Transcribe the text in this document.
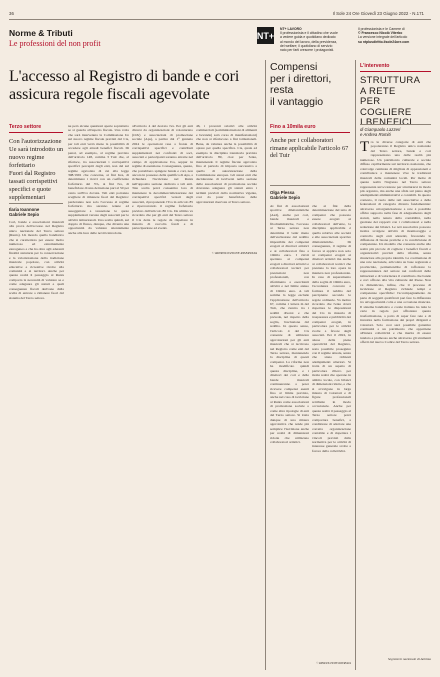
36	Il Sole 24 Ore Giovedì 23 Giugno 2022 - N.171
Norme & Tributi
Le professioni del non profit
NT+
NT+ LAVORO
Il professionista e il cittadino che vuole
a vedere guida e quotidiano dedicato
al mondo del lavoro, della previdenza,
del welfare; il quotidiano di servizio
nato per farti crescere i protagonisti.
Il professionista e le Camere di
© Francesco Nicolò Viterbo
La versione integrale dell'articolo
su ntplusdiritto.ilsole24ore.com
L'accesso al Registro di bande e cori
assicura regole fiscali agevolate
Terzo settore
Con l'autorizzazione Ue sarà introdotto un nuovo regime forfettario
Fuori dal Registro tassati corrispettivi specifici e quote supplementari
Ilaria Ioannone
Gabriele Sepio
Cori, bande e associazioni musicali alla prova dell'accesso nel Registro unico nazionale del Terzo settore (Runts). Un mondo quello bandistico che si caratterizza per essere molto numeroso ed estremamente eterogeneo e che ha oltre agli aderenti finalità statutarie per la conservazione e la valorizzazione della tradizione musicale popolare, con attività educative e ricreative rivolte alla comunità e ai territori. Anche per queste realtà il passaggio al Runts comporta la necessità di valutare se e come adeguare gli statuti e quali conseguenze fiscali derivano dalla scelta di entrare o rimanere fuori dal sistema del Terzo settore.
ne però alcune questioni aperte soprattutto se si guarda all'aspetto fiscale. Una volta che sarà intervenuta la Commissione Ue sul nuovo regime fiscale previsti dal Cts, per tali enti verrà meno la possibilità di accedere agli attuali benefici fiscali. Di penal, ad esempio, al regime previsto dall'articolo 148, comma 3 Tuir che, al riferisce, tra associazioni i corrispettivi specifici percepiti dagli enti, non del sul regime agevolato di cui alla legge 398/1991 che concerne, ai fini Ires, di determinare i ricavi con un coefficiente forfettario del 3%, ai fini Iva, di beneficiare di una detrazione pari al 50 per cento sull'iva dovuta. Tali enti potranno scegliere di rimanere fuori dal Registro: perderanno non solo l'accesso al regime forfettario ma saranno tenute ad assoggettare a tassazione le quote supplementari versate dagli associati per le attività istituzionali. Una scelta quindi, sul doppio di flusso, dunque, che diventa una opportunità da valutare attentamente anche alla luce delle novità introdotte.
all'articolo 4 del decreto Iva. Per gli enti diversi da organizzazioni di volontariato (Odv) e associazioni di promozione sociale (Aps), a partire dal 1° gennaio 2024 le operazioni rese a fronte di corrispettivi specifici e contributi supplementari nei confronti di soci, associati e partecipanti saranno attratte nel campo di applicazione Iva, seppur in regime di esenzione. Conseguenze, queste, che potrebbero spingere bande e cori, non ancora in possesso della qualifica di Aps, a richiedere l'iscrizione nel Runts nell'apposita sezione dedicata a tali enti. Tale scelta potrà consentire loro di mantenere la decommercializzazione dei corrispettivi specifici versati dagli associati, riproponendo l'Iva in articolo 85 e ripercorrendo il regime forfettario previsto dall'articolo 86 Cts. Da ultimo va ricordato che per gli enti del Terzo settore il Cts detta le regole da rispettare in materia di raccolta fondi e di partecipazione ad eventi.
46, i proventi relativi alle attività commerciali (somministrazioni di alimenti e bevande) sarà corso di manifestazioni) che non si riferiscono a fini istituzionali. Bene, da valutare anche la possibilità di optare per quella specifica. Cts, quale ad esempio la disciplina transitoria prevista dall'articolo 89, cioè per l'ente, mantenendo il regime fiscale agevolato fino al periodo di imposta successivo a quello di autorizzazione della Commissione europea. Gli stessi enti che decideranno di iscriversi nella sezione delle associazioni di promozione sociale dovranno adeguare gli statuti entro i termini previsti dalla normativa vigente, così da poter beneficiare delle agevolazioni riservate al Terzo settore.
© RIPRODUZIONE RISERVATA
Compensi
per i direttori,
resta
il vantaggio
Fino a 10mila euro
Anche per i collaboratori rimane applicabile l'articolo 67 del Tuir
Olga Plessa
Gabriele Sepio
Ai fini di associazioni sportive dilettantistiche (Asd), anche per cori, bande musicali e filodrammatiche, l'accesso al Terzo settore non determina il venir meno dell'esclusione dal reddito imponibile dei compensi erogati ai direttori artistici e ai collaboratori fino a 10mila euro. I rinvii spettano ai compensi erogati a direttori artistici e collaboratori tecnici per prestazioni non professionali, con riferimento a esercitanti attività e nel limite annuo di 10mila euro. A tali somme la legge esclude l'applicazione dell'articolo 67, comma 1 lettera m del Tuir, che rientra tra i redditi diversi e che prevede, nel rispetto della soglia, l'esclusione dal reddito. In questo senso, l'articolo 4 del Cts consente di utilizzare agevolazioni per gli enti musicali che si iscrivono nel Registro come enti del Terzo settore, mantenendo la disciplina di questi compensi. La riforma non ha modificato quindi questa disciplina, e i direttori dei cori e delle bande musicali continueranno a poter ricevere compensi esenti fino al limite previsto, anche nel caso di iscrizione al Runts come associazioni di promozione sociale o come altre tipologie di enti del Terzo settore. Si tratta dunque di una misura agevolativa che rende più semplice l'iscrizione anche per realtà di dimensioni ridotte che utilizzano collaboratori artistici.
che ai fini della determinazione del tetto di compensi che possono essere erogati ai collaboratori dell'ente, la disciplina applicabile è quella relativa alle società e alle associazioni sportive dilettantistiche. Di conseguenza, il regime di favore si applica non solo ai compensi erogati ai direttori artistici ma anche ai collaboratori tecnici che prestano la loro opera in maniera non professionale. In caso di superamento della soglia di 10mila euro, l'eccedenza concorre a formare il reddito del percipiente secondo le regole ordinarie. Va inoltre ricordato che l'ente dovrà rispettare le disposizioni del Cts in materia di trasparenza e pubblicità dei compensi erogati, in particolare per le attività svolte a favore degli associati. Per il 2022, in attesa della piena operatività del Registro, resta possibile proseguire con il regime attuale, senza che siano richiesti adempimenti ulteriori. Si tratta di un aspetto di particolare rilievo per molte realtà che operano in ambito locale, con bilanci di dimensioni ridotte, e che si avvalgono in larga misura di volontari e di figure professionali retribuite in modo occasionale. Anche per queste realtà il passaggio al Terzo settore potrà comportare benefici, a condizione di adottare una corretta organizzazione contabile e di rispettare i vincoli previsti dalla normativa per le attività di interesse generale svolte a favore della collettività.
© RIPRODUZIONE RISERVATA
L'intervento
STRUTTURA
A RETE
PER COGLIERE
I BENEFICI
di Giampaolo Lazzeri
e Andrea Romiti
Tra le diverse categorie di enti che popoleranno il Registro unico nazionale del Terzo settore, bande e cori rappresentano una delle realtà più numerose. Un patrimonio culturale e sociale diffuso capillarmente sul territorio nazionale, che coinvolge centinaia di migliaia di appassionati e contribuisce a mantenere vive le tradizioni musicali delle comunità locali. Per molte di queste realtà l'ingresso nel Terzo settore rappresenta un'occasione per strutturarsi in modo più organico, ma anche una sfida sul piano degli adempimenti amministrativi e contabili. In questo contesto, il ruolo delle reti associative e delle federazioni di categoria diventa fondamentale: attraverso un'organizzazione a rete è possibile offrire supporto nella fase di adeguamento degli statuti, nella tenuta della contabilità, nella gestione dei rapporti con i collaboratori e nella redazione dei bilanci. Le reti associative possono inoltre svolgere attività di monitoraggio e controllo sugli enti aderenti, favorendo la diffusione di buone pratiche e la condivisione di competenze. Un modello che consente anche alle realtà più piccole di cogliere i benefici fiscali e organizzativi previsti dalla riforma, senza rinunciare alla propria identità. La costituzione di una rete nazionale, articolata su base regionale e provinciale, permetterebbe di rafforzare la rappresentanza del settore nei confronti delle istituzioni e di valorizzare il contributo che bande e cori offrono alla vita culturale del Paese. Non va dimenticato, infine, che il processo di iscrizione al Registro richiede tempi e competenze specifiche: l'accompagnamento da parte di soggetti qualificati può fare la differenza tra un'opportunità colta e una occasione mancata. Il sistema bandistico e corale italiano ha tutte le carte in regola per affrontare questa trasformazione, a patto di saper fare rete e di investire nella formazione dei propri dirigenti e volontari. Solo così sarà possibile garantire continuità a un patrimonio che appartiene all'intera collettività e che merita di essere tutelato e promosso anche attraverso gli strumenti offerti dal nuovo Codice del Terzo settore.
Segretario nazionale di Anbima
